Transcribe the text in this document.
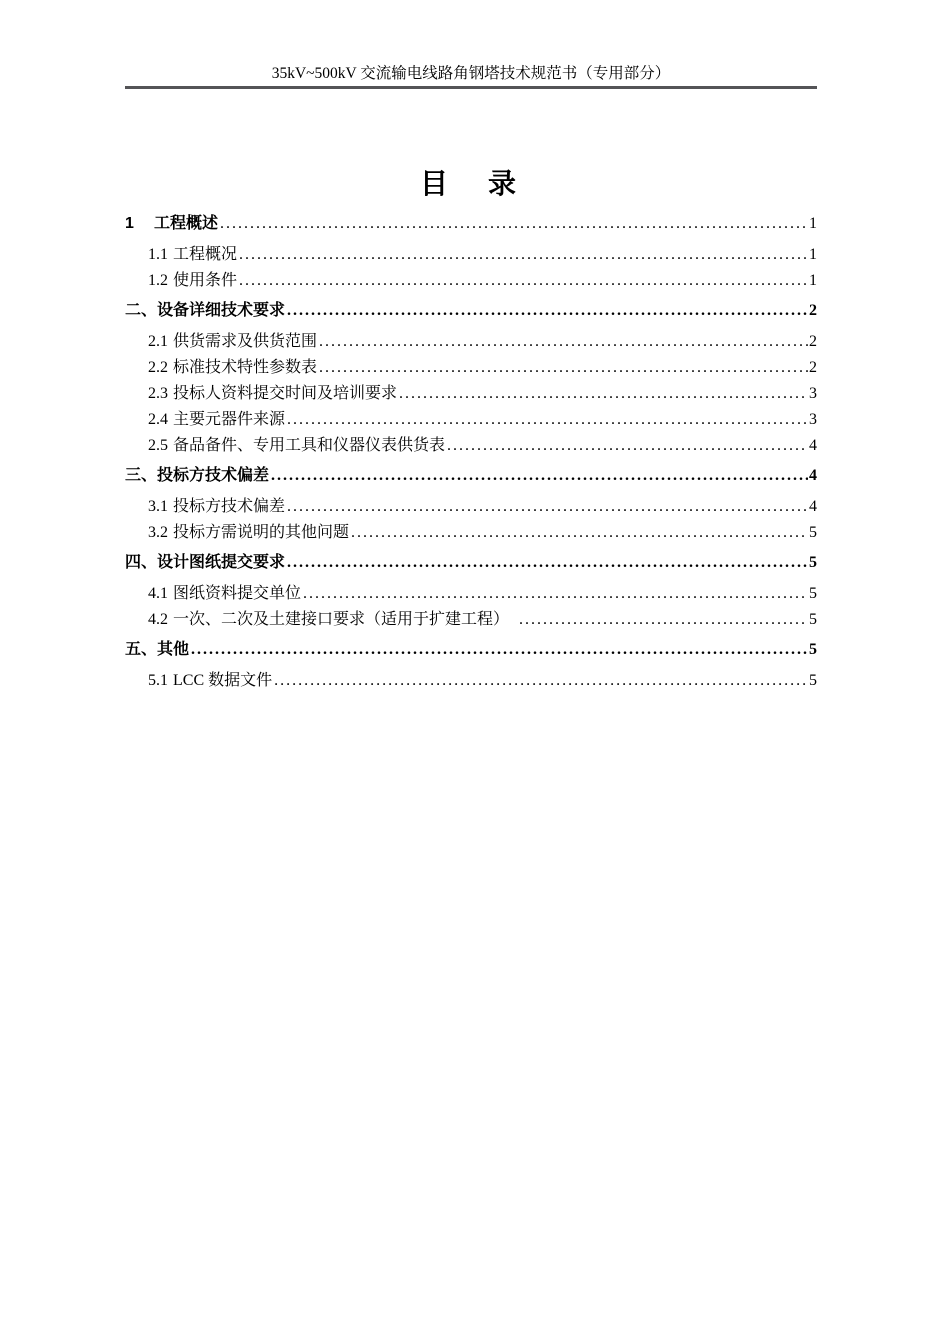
35kV~500kV 交流输电线路角钢塔技术规范书（专用部分）
目　录
1	工程概述 .....	1
1.1 工程概况 .....	1
1.2 使用条件 .....	1
二、 设备详细技术要求 .....	2
2.1 供货需求及供货范围 .....	2
2.2 标准技术特性参数表 .....	2
2.3 投标人资料提交时间及培训要求 .....	3
2.4 主要元器件来源 .....	3
2.5 备品备件、专用工具和仪器仪表供货表 .....	4
三、 投标方技术偏差 .....	4
3.1 投标方技术偏差 .....	4
3.2 投标方需说明的其他问题 .....	5
四、 设计图纸提交要求 .....	5
4.1 图纸资料提交单位 .....	5
4.2 一次、二次及土建接口要求（适用于扩建工程） .....	5
五、 其他 .....	5
5.1 LCC 数据文件 .....	5
